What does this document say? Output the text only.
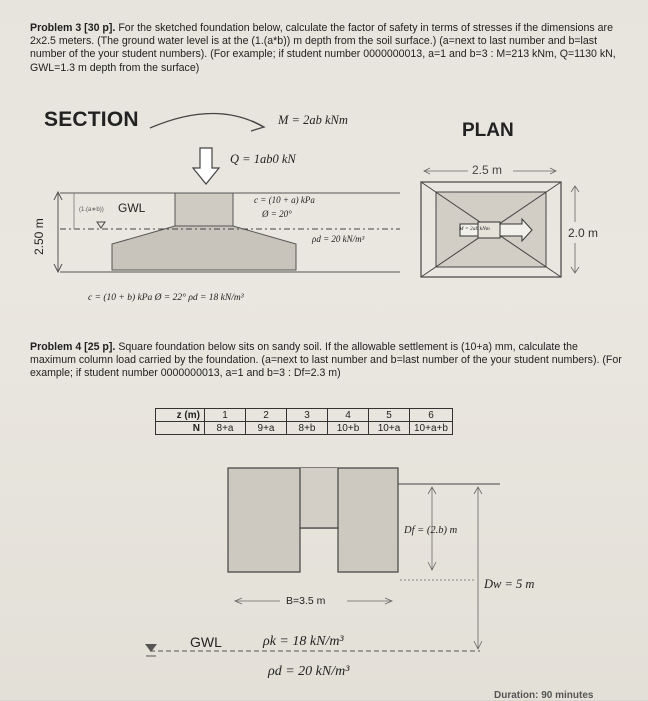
Problem 3 [30 p]. For the sketched foundation below, calculate the factor of safety in terms of stresses if the dimensions are 2x2.5 meters. (The ground water level is at the (1.(a*b)) m depth from the soil surface.) (a=next to last number and b=last number of the your student numbers). (For example; if student number 0000000013, a=1 and b=3 : M=213 kNm, Q=1130 kN, GWL=1.3 m depth from the surface)
SECTION	PLAN
M = 2ab kNm
Q = 1ab0 kN
GWL
(1.(a∗b))
2.50 m
c = (10 + a) kPa
Ø = 20°
ρd = 20 kN/m³
c = (10 + b) kPa Ø = 22° ρd = 18 kN/m³
2.5 m
2.0 m
M = 2ab kNm
Problem 4 [25 p]. Square foundation below sits on sandy soil. If the allowable settlement is (10+a) mm, calculate the maximum column load carried by the foundation. (a=next to last number and b=last number of the your student numbers). (For example; if student number 0000000013, a=1 and b=3 : Df=2.3 m)
z (m)	1	2	3	4	5	6
N	8+a	9+a	8+b	10+b	10+a	10+a+b
Df = (2.b) m
Dw = 5 m
B=3.5 m
GWL	ρk = 18 kN/m³
ρd = 20 kN/m³
Duration: 90 minutes
